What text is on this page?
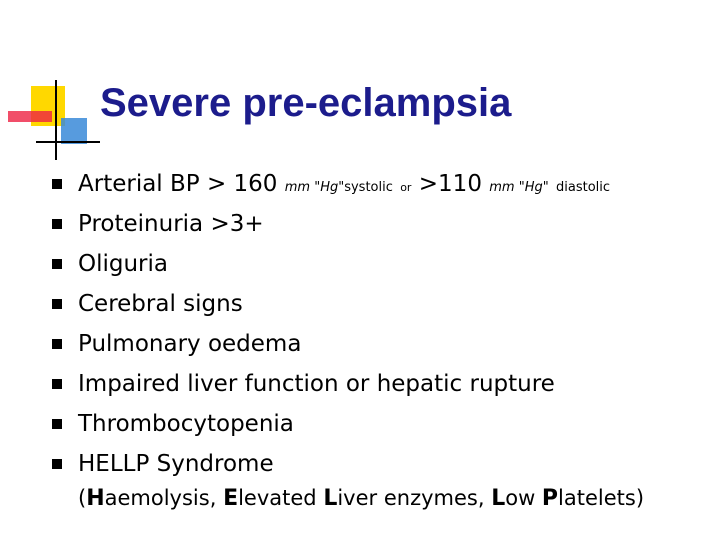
Severe pre-eclampsia
Arterial BP > 160 mm "Hg"systolic or >110 mm "Hg" diastolic
Proteinuria >3+
Oliguria
Cerebral signs
Pulmonary oedema
Impaired liver function or hepatic rupture
Thrombocytopenia
HELLP Syndrome
(Haemolysis, Elevated Liver enzymes, Low Platelets)
